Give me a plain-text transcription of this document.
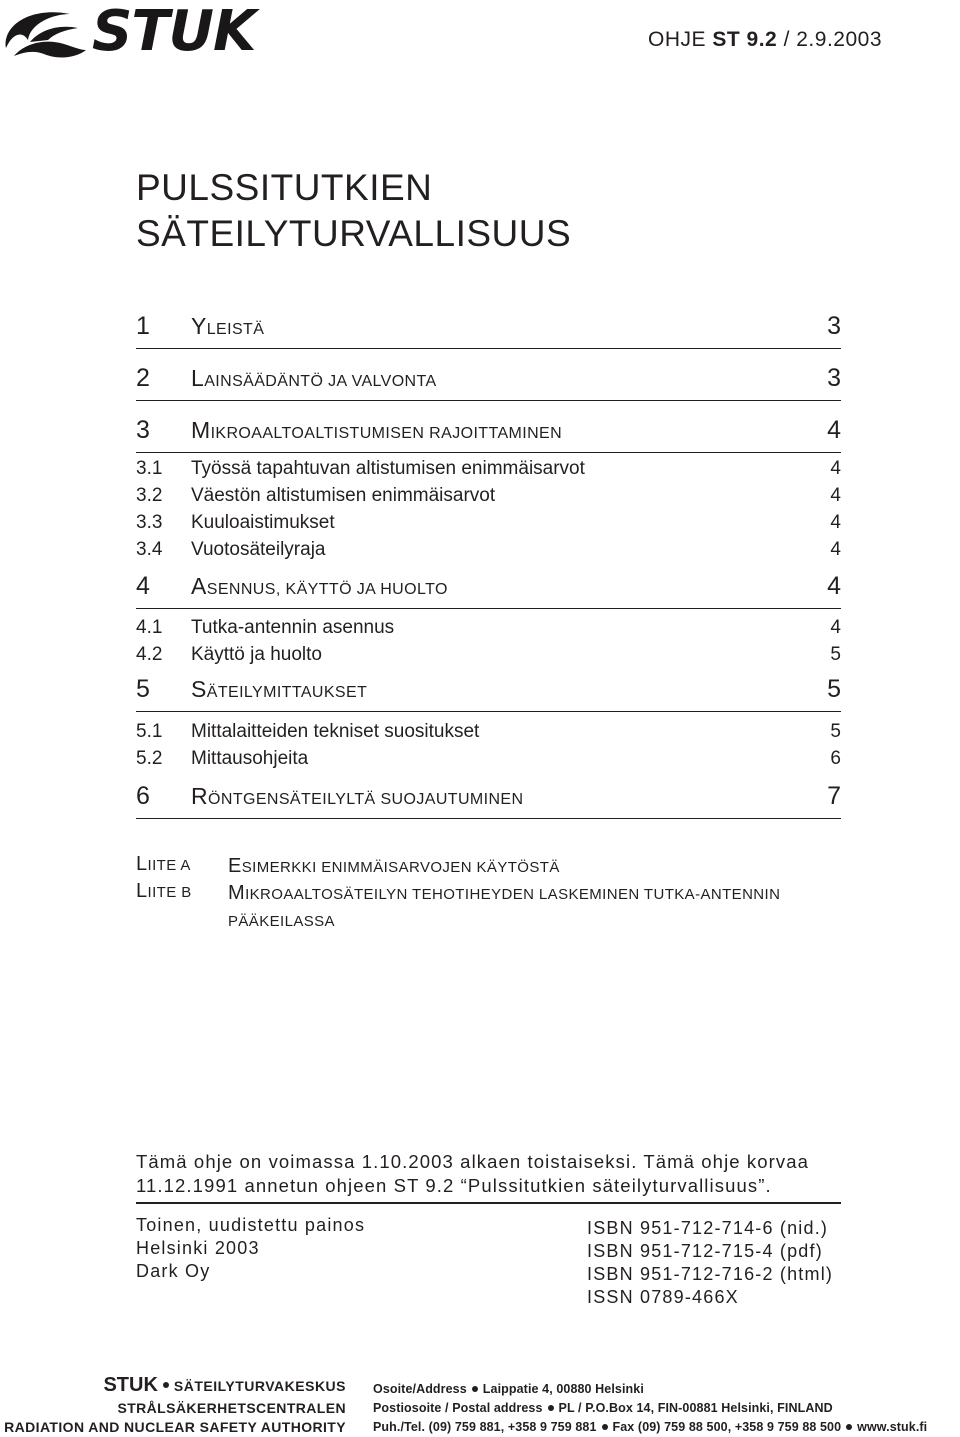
STUK	OHJE ST 9.2 / 2.9.2003
PULSSITUTKIEN
SÄTEILYTURVALLISUUS
1	YLEISTÄ	3
2	LAINSÄÄDÄNTÖ JA VALVONTA	3
3	MIKROAALTOALTISTUMISEN RAJOITTAMINEN	4
3.1 Työssä tapahtuvan altistumisen enimmäisarvot	4
3.2 Väestön altistumisen enimmäisarvot	4
3.3 Kuuloaistimukset	4
3.4 Vuotosäteilyraja	4
4	ASENNUS, KÄYTTÖ JA HUOLTO	4
4.1 Tutka-antennin asennus	4
4.2 Käyttö ja huolto	5
5	SÄTEILYMITTAUKSET	5
5.1 Mittalaitteiden tekniset suositukset	5
5.2 Mittausohjeita	6
6	RÖNTGENSÄTEILYLTÄ SUOJAUTUMINEN	7
LIITE A ESIMERKKI ENIMMÄISARVOJEN KÄYTÖSTÄ
LIITE B MIKROAALTOSÄTEILYN TEHOTIHEYDEN LASKEMINEN TUTKA-ANTENNIN PÄÄKEILASSA
Tämä ohje on voimassa 1.10.2003 alkaen toistaiseksi. Tämä ohje korvaa 11.12.1991 annetun ohjeen ST 9.2 “Pulssitutkien säteilyturvallisuus”.
Toinen, uudistettu painos
Helsinki 2003
Dark Oy
ISBN 951-712-714-6 (nid.)
ISBN 951-712-715-4 (pdf)
ISBN 951-712-716-2 (html)
ISSN 0789-466X
STUK SÄTEILYTURVAKESKUS
STRÅLSÄKERHETSCENTRALEN
RADIATION AND NUCLEAR SAFETY AUTHORITY
Osoite/Address Laippatie 4, 00880 Helsinki
Postiosoite / Postal address PL / P.O.Box 14, FIN-00881 Helsinki, FINLAND
Puh./Tel. (09) 759 881, +358 9 759 881 Fax (09) 759 88 500, +358 9 759 88 500 www.stuk.fi
